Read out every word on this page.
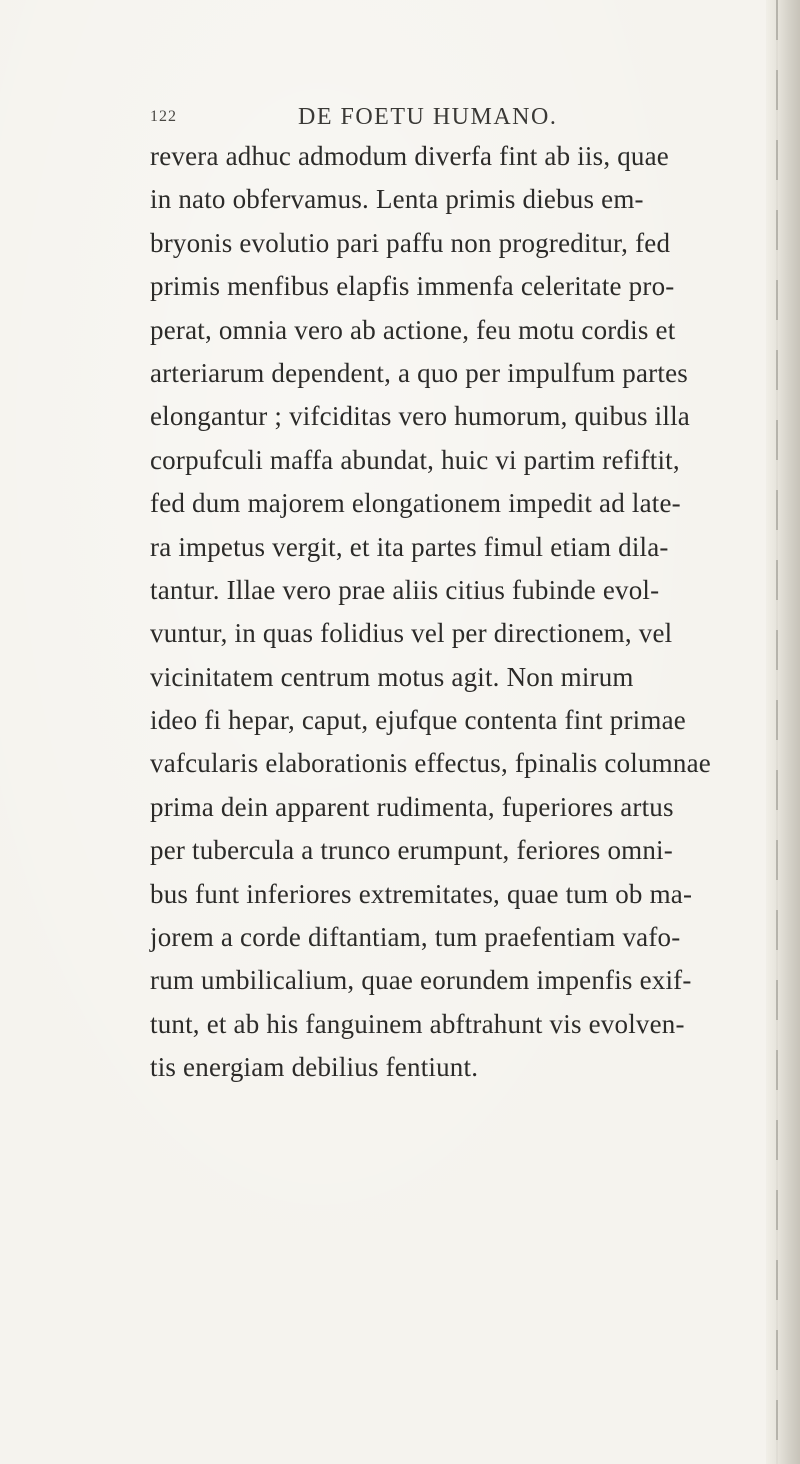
122	DE FOETU HUMANO.
revera adhuc admodum diverfa fint ab iis, quae
in nato obfervamus. Lenta primis diebus em-
bryonis evolutio pari paffu non progreditur, fed
primis menfibus elapfis immenfa celeritate pro-
perat, omnia vero ab actione, feu motu cordis et
arteriarum dependent, a quo per impulfum partes
elongantur ; vifciditas vero humorum, quibus illa
corpufculi maffa abundat, huic vi partim refiftit,
fed dum majorem elongationem impedit ad late-
ra impetus vergit, et ita partes fimul etiam dila-
tantur. Illae vero prae aliis citius fubinde evol-
vuntur, in quas folidius vel per directionem, vel
vicinitatem centrum motus agit. Non mirum
ideo fi hepar, caput, ejufque contenta fint primae
vafcularis elaborationis effectus, fpinalis columnae
prima dein apparent rudimenta, fuperiores artus
per tubercula a trunco erumpunt, feriores omni-
bus funt inferiores extremitates, quae tum ob ma-
jorem a corde diftantiam, tum praefentiam vafo-
rum umbilicalium, quae eorundem impenfis exif-
tunt, et ab his fanguinem abftrahunt vis evolven-
tis energiam debilius fentiunt.
